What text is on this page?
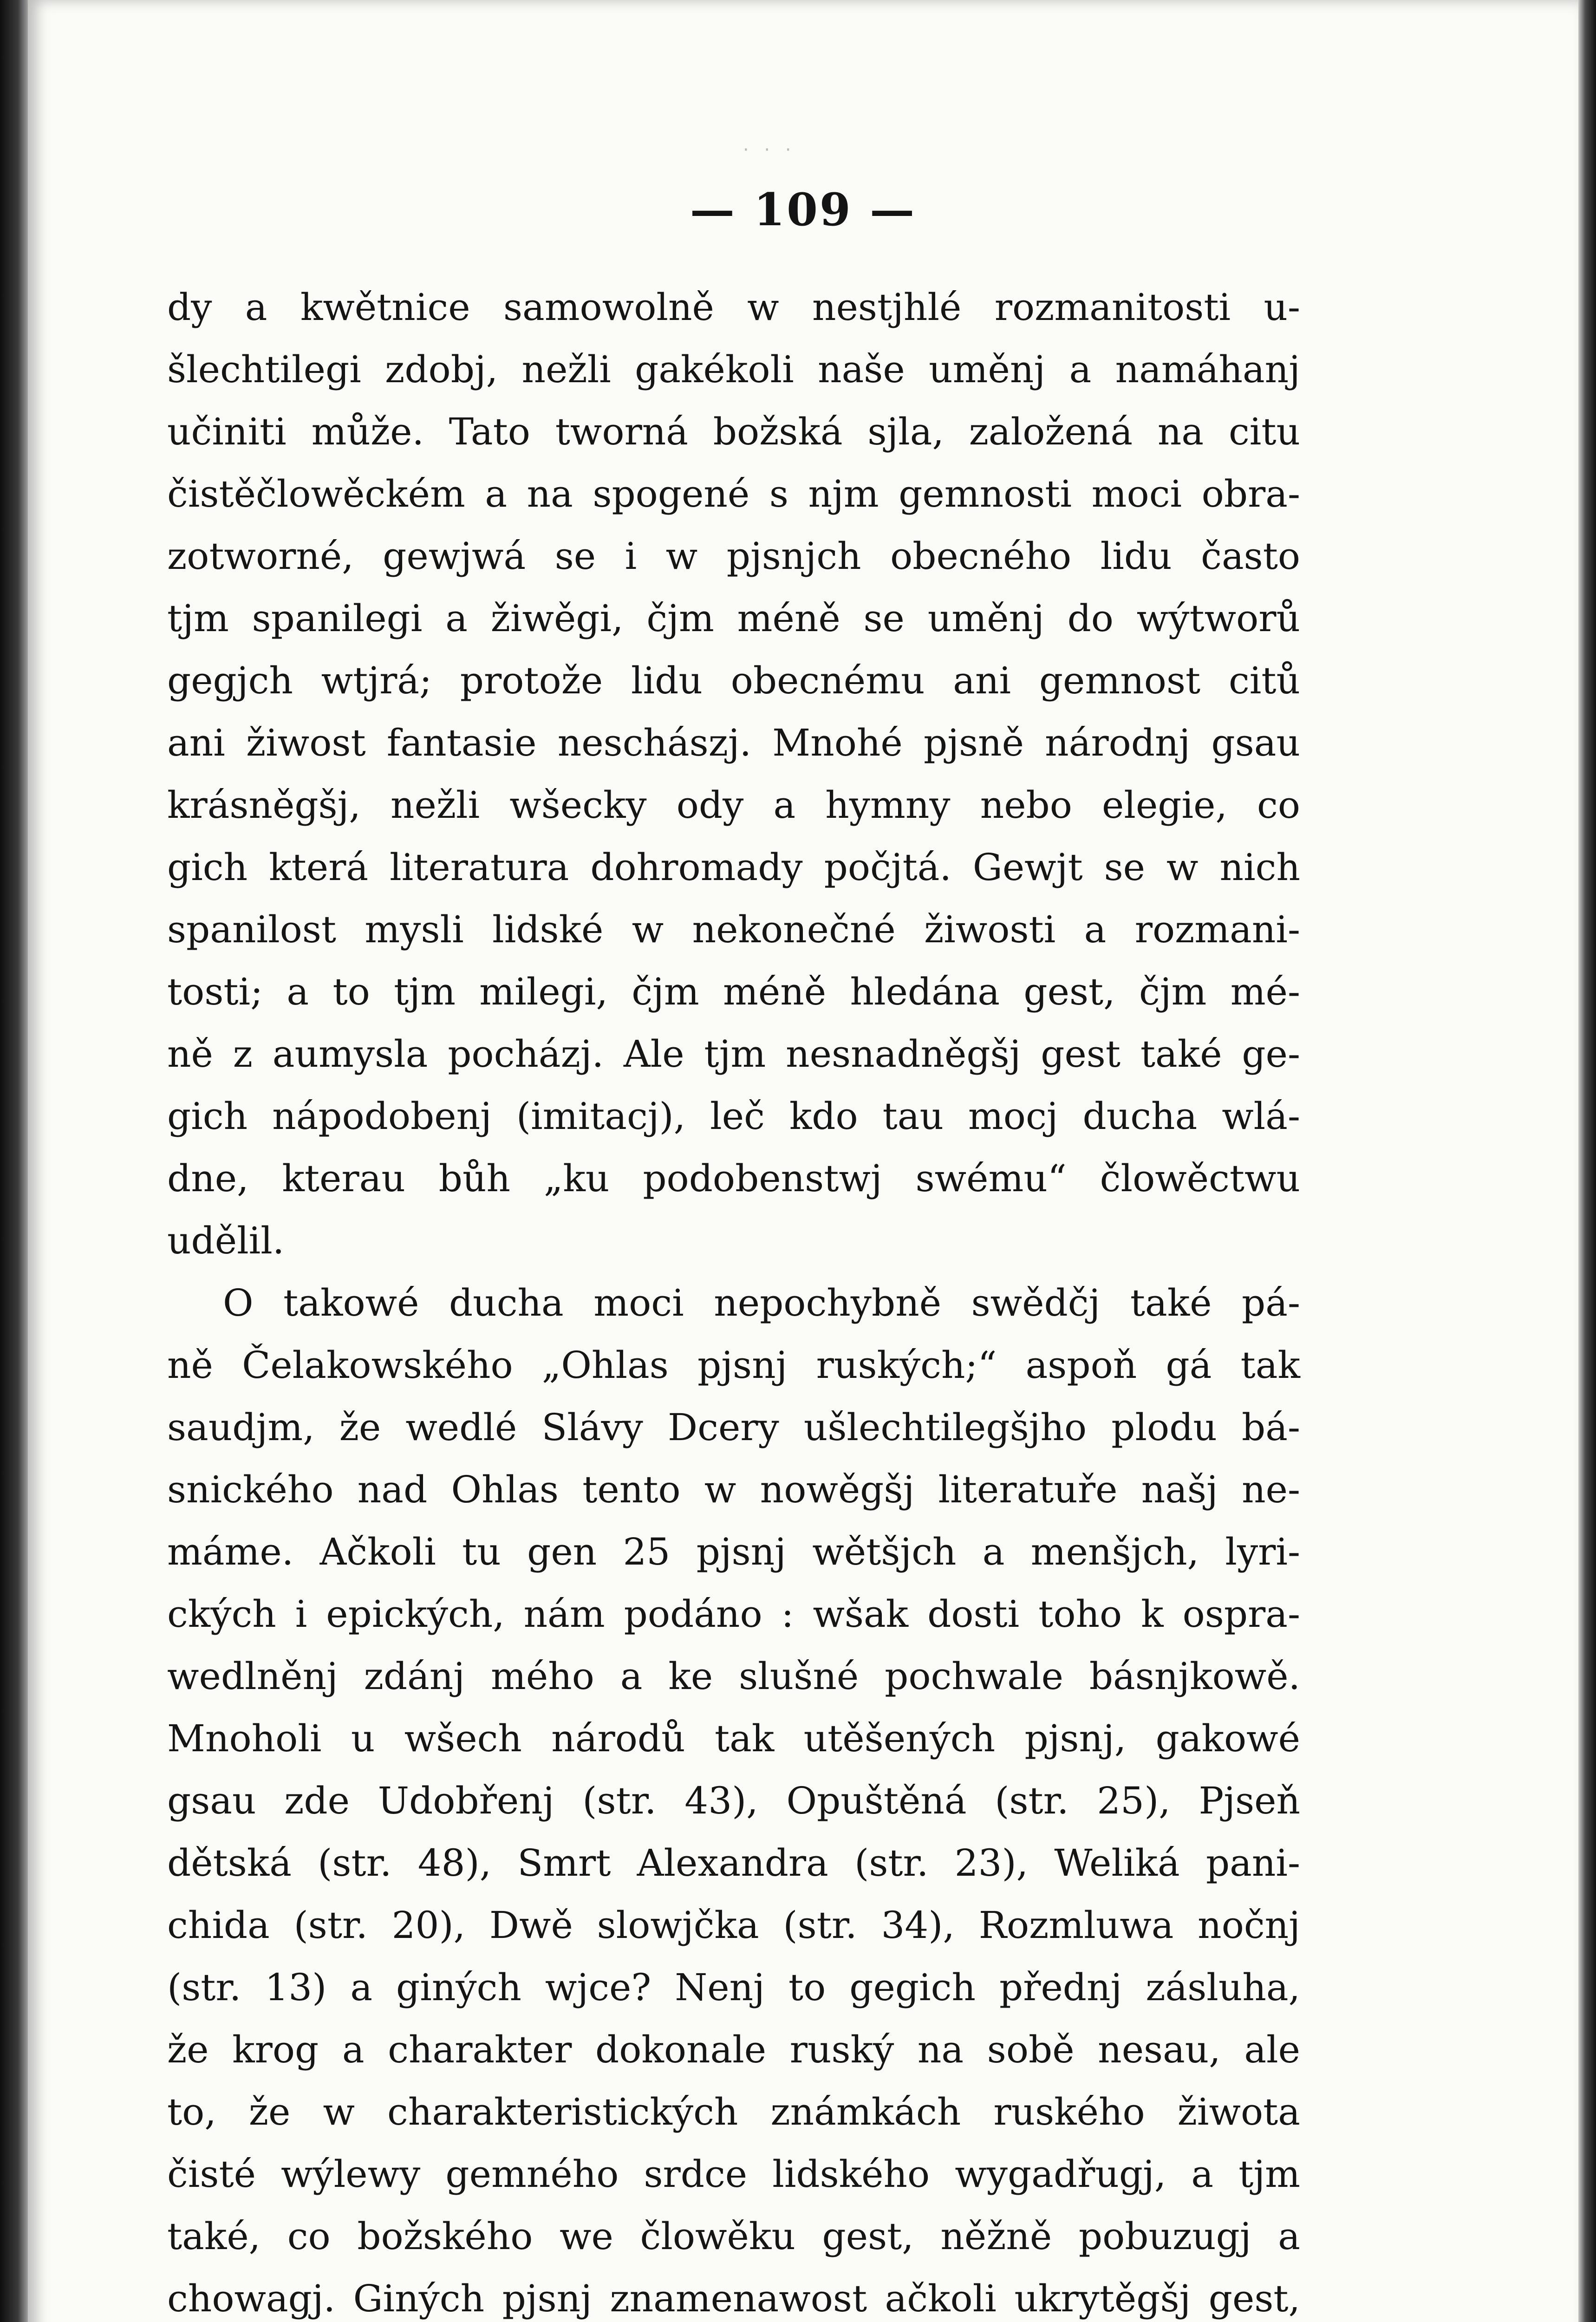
· · ·
— 109 —
dy a kwětnice samowolně w nestjhlé rozmanitosti u-
šlechtilegi zdobj, nežli gakékoli naše uměnj a namáhanj
učiniti může. Tato tworná božská sjla, založená na citu
čistěčlowěckém a na spogené s njm gemnosti moci obra-
zotworné, gewjwá se i w pjsnjch obecného lidu často
tjm spanilegi a žiwěgi, čjm méně se uměnj do wýtworů
gegjch wtjrá; protože lidu obecnému ani gemnost citů
ani žiwost fantasie neschászj. Mnohé pjsně národnj gsau
krásněgšj, nežli wšecky ody a hymny nebo elegie, co
gich která literatura dohromady počjtá. Gewjt se w nich
spanilost mysli lidské w nekonečné žiwosti a rozmani-
tosti; a to tjm milegi, čjm méně hledána gest, čjm mé-
ně z aumysla pocházj. Ale tjm nesnadněgšj gest také ge-
gich nápodobenj (imitacj), leč kdo tau mocj ducha wlá-
dne, kterau bůh „ku podobenstwj swému“ člowěctwu
udělil.
O takowé ducha moci nepochybně swědčj také pá-
ně Čelakowského „Ohlas pjsnj ruských;“ aspoň gá tak
saudjm, že wedlé Slávy Dcery ušlechtilegšjho plodu bá-
snického nad Ohlas tento w nowěgšj literatuře našj ne-
máme. Ačkoli tu gen 25 pjsnj wětšjch a menšjch, lyri-
ckých i epických, nám podáno : wšak dosti toho k ospra-
wedlněnj zdánj mého a ke slušné pochwale básnjkowě.
Mnoholi u wšech národů tak utěšených pjsnj, gakowé
gsau zde Udobřenj (str. 43), Opuštěná (str. 25), Pjseň
dětská (str. 48), Smrt Alexandra (str. 23), Weliká pani-
chida (str. 20), Dwě slowjčka (str. 34), Rozmluwa nočnj
(str. 13) a giných wjce? Nenj to gegich přednj zásluha,
že krog a charakter dokonale ruský na sobě nesau, ale
to, že w charakteristických známkách ruského žiwota
čisté wýlewy gemného srdce lidského wygadřugj, a tjm
také, co božského we člowěku gest, něžně pobuzugj a
chowagj. Giných pjsnj znamenawost ačkoli ukrytěgšj gest,
